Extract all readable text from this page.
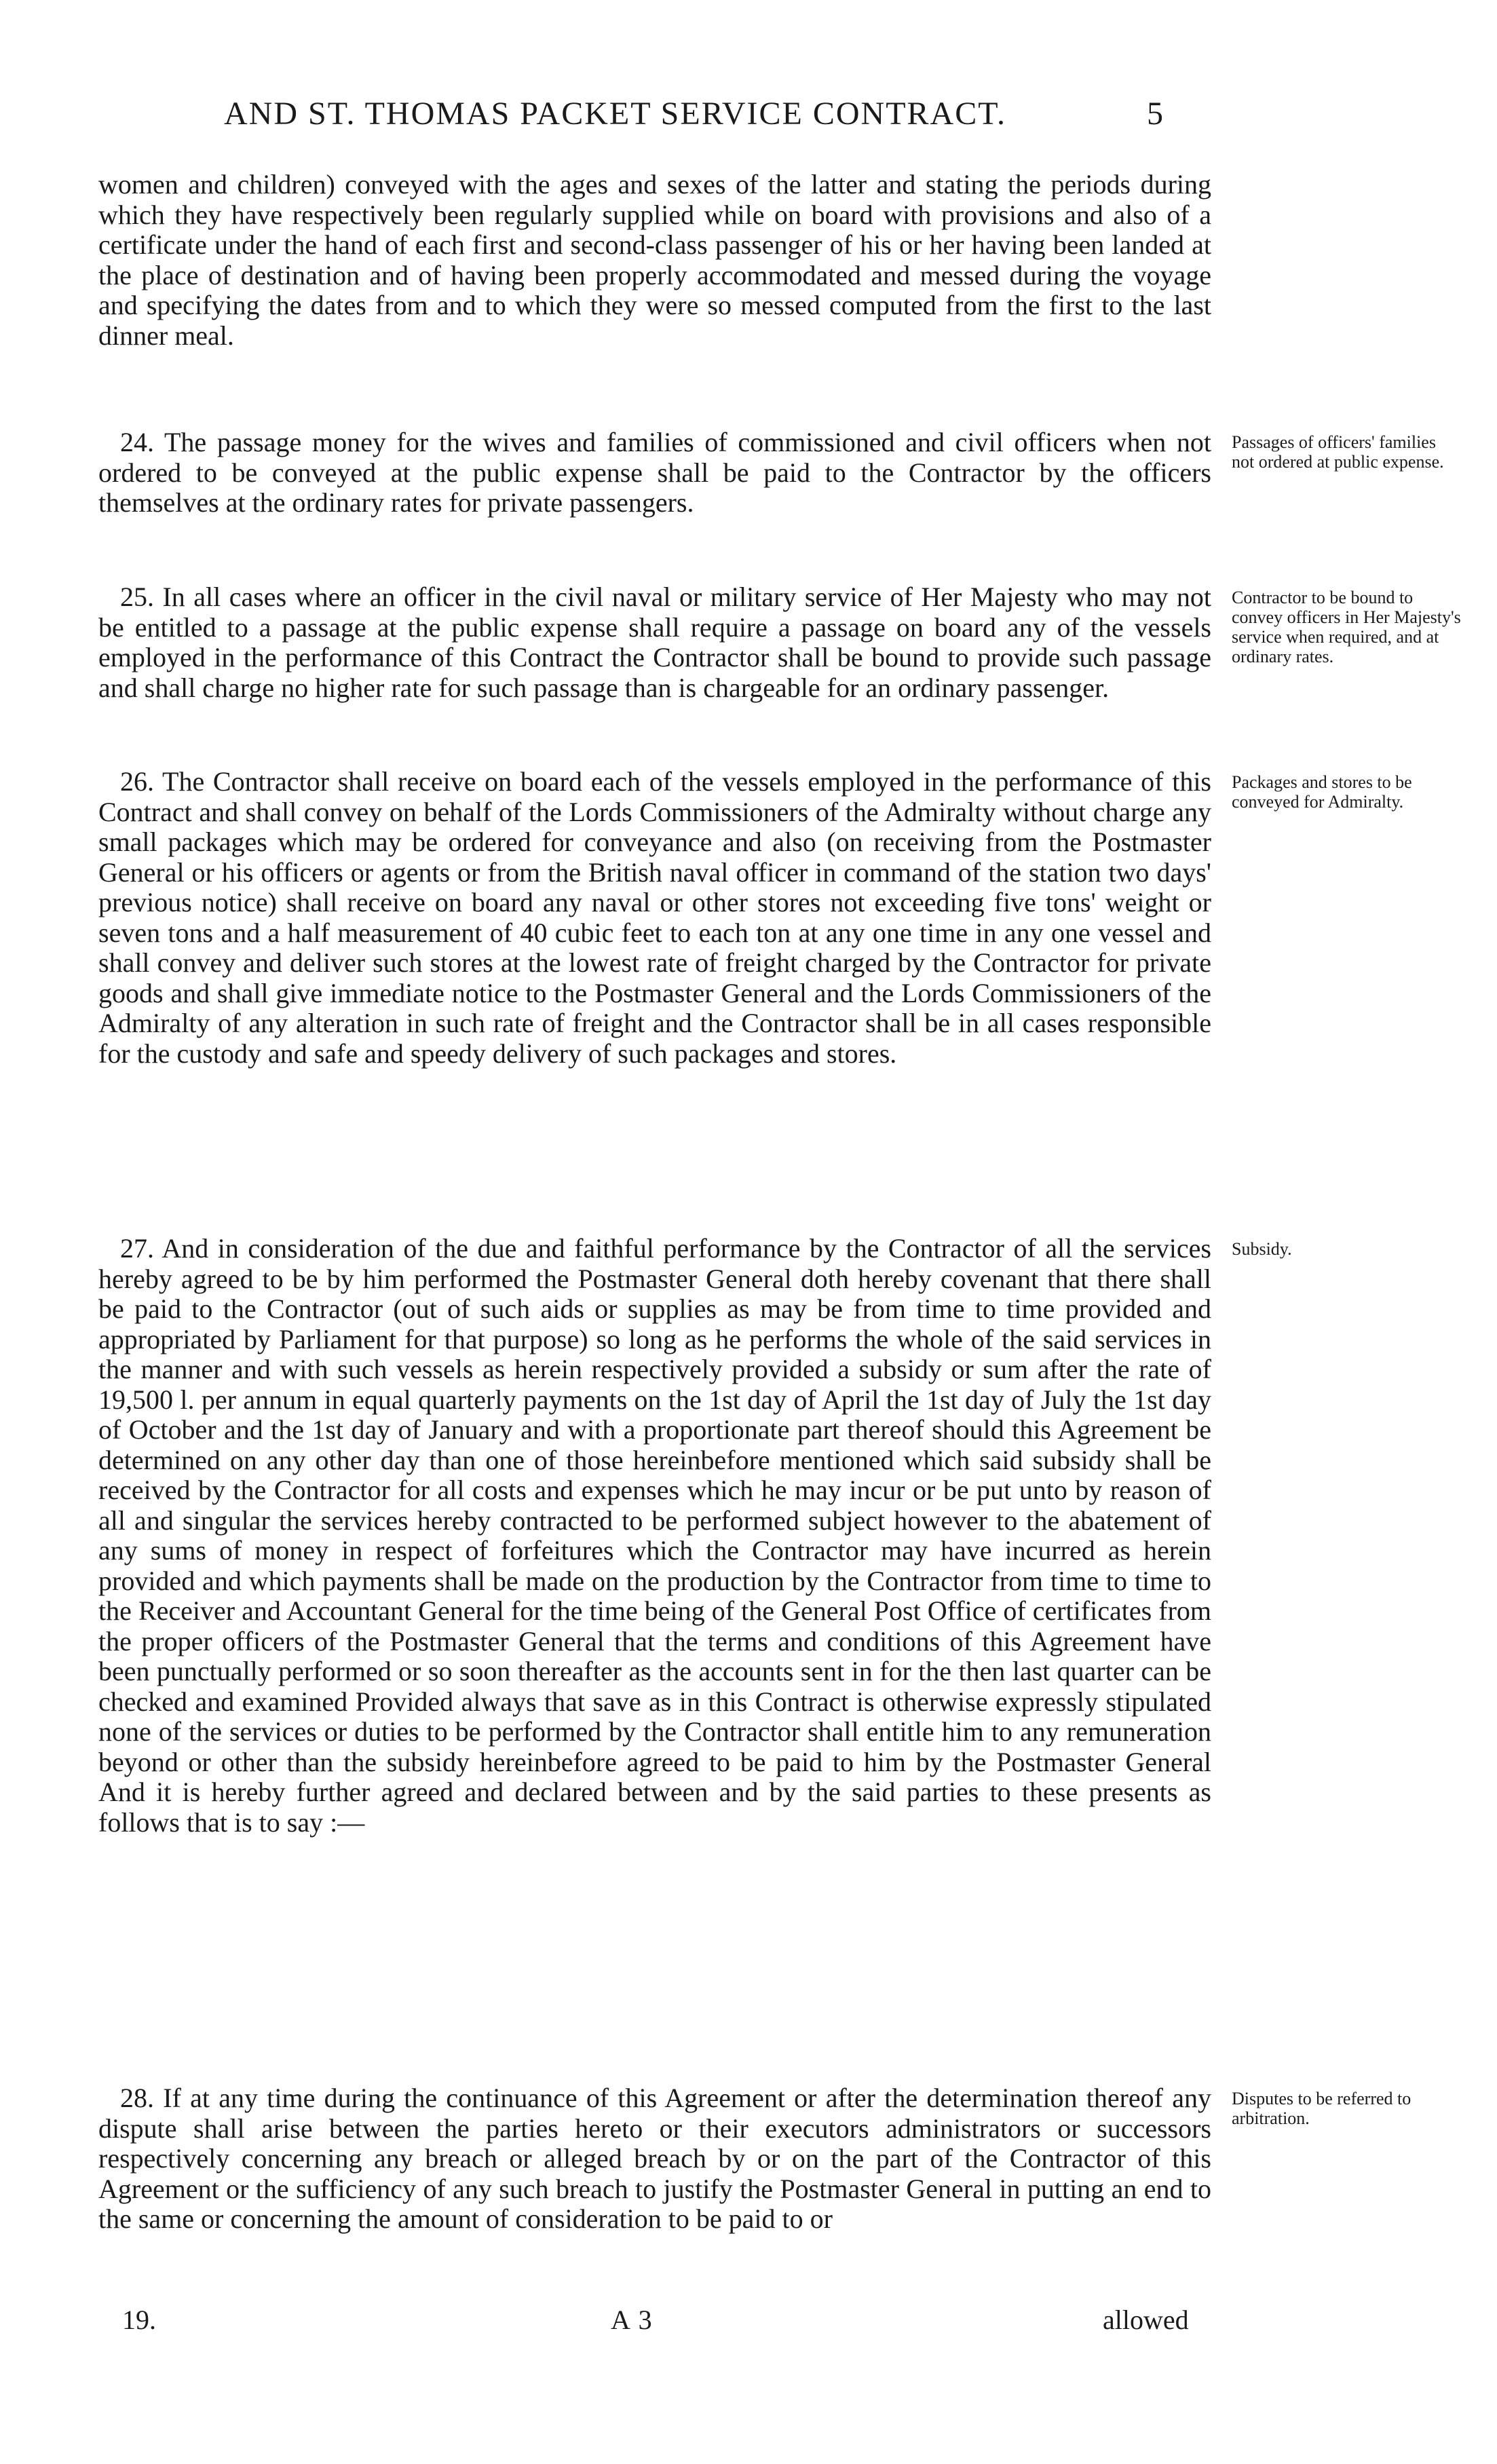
AND ST. THOMAS PACKET SERVICE CONTRACT.	5
women and children) conveyed with the ages and sexes of the latter and stating the periods during which they have respectively been regularly supplied while on board with provisions and also of a certificate under the hand of each first and second-class passenger of his or her having been landed at the place of destination and of having been properly accommodated and messed during the voyage and specifying the dates from and to which they were so messed computed from the first to the last dinner meal.
24. The passage money for the wives and families of commissioned and civil officers when not ordered to be conveyed at the public expense shall be paid to the Contractor by the officers themselves at the ordinary rates for private passengers.
Passages of officers' families not ordered at public expense.
25. In all cases where an officer in the civil naval or military service of Her Majesty who may not be entitled to a passage at the public expense shall require a passage on board any of the vessels employed in the performance of this Contract the Contractor shall be bound to provide such passage and shall charge no higher rate for such passage than is chargeable for an ordinary passenger.
Contractor to be bound to convey officers in Her Majesty's service when required, and at ordinary rates.
26. The Contractor shall receive on board each of the vessels employed in the performance of this Contract and shall convey on behalf of the Lords Commissioners of the Admiralty without charge any small packages which may be ordered for conveyance and also (on receiving from the Postmaster General or his officers or agents or from the British naval officer in command of the station two days' previous notice) shall receive on board any naval or other stores not exceeding five tons' weight or seven tons and a half measurement of 40 cubic feet to each ton at any one time in any one vessel and shall convey and deliver such stores at the lowest rate of freight charged by the Contractor for private goods and shall give immediate notice to the Postmaster General and the Lords Commissioners of the Admiralty of any alteration in such rate of freight and the Contractor shall be in all cases responsible for the custody and safe and speedy delivery of such packages and stores.
Packages and stores to be conveyed for Admiralty.
27. And in consideration of the due and faithful performance by the Contractor of all the services hereby agreed to be by him performed the Postmaster General doth hereby covenant that there shall be paid to the Contractor (out of such aids or supplies as may be from time to time provided and appropriated by Parliament for that purpose) so long as he performs the whole of the said services in the manner and with such vessels as herein respectively provided a subsidy or sum after the rate of 19,500 l. per annum in equal quarterly payments on the 1st day of April the 1st day of July the 1st day of October and the 1st day of January and with a proportionate part thereof should this Agreement be determined on any other day than one of those hereinbefore mentioned which said subsidy shall be received by the Contractor for all costs and expenses which he may incur or be put unto by reason of all and singular the services hereby contracted to be performed subject however to the abatement of any sums of money in respect of forfeitures which the Contractor may have incurred as herein provided and which payments shall be made on the production by the Contractor from time to time to the Receiver and Accountant General for the time being of the General Post Office of certificates from the proper officers of the Postmaster General that the terms and conditions of this Agreement have been punctually performed or so soon thereafter as the accounts sent in for the then last quarter can be checked and examined Provided always that save as in this Contract is otherwise expressly stipulated none of the services or duties to be performed by the Contractor shall entitle him to any remuneration beyond or other than the subsidy hereinbefore agreed to be paid to him by the Postmaster General And it is hereby further agreed and declared between and by the said parties to these presents as follows that is to say :—
Subsidy.
28. If at any time during the continuance of this Agreement or after the determination thereof any dispute shall arise between the parties hereto or their executors administrators or successors respectively concerning any breach or alleged breach by or on the part of the Contractor of this Agreement or the sufficiency of any such breach to justify the Postmaster General in putting an end to the same or concerning the amount of consideration to be paid to or
Disputes to be referred to arbitration.
19.	A 3	allowed
